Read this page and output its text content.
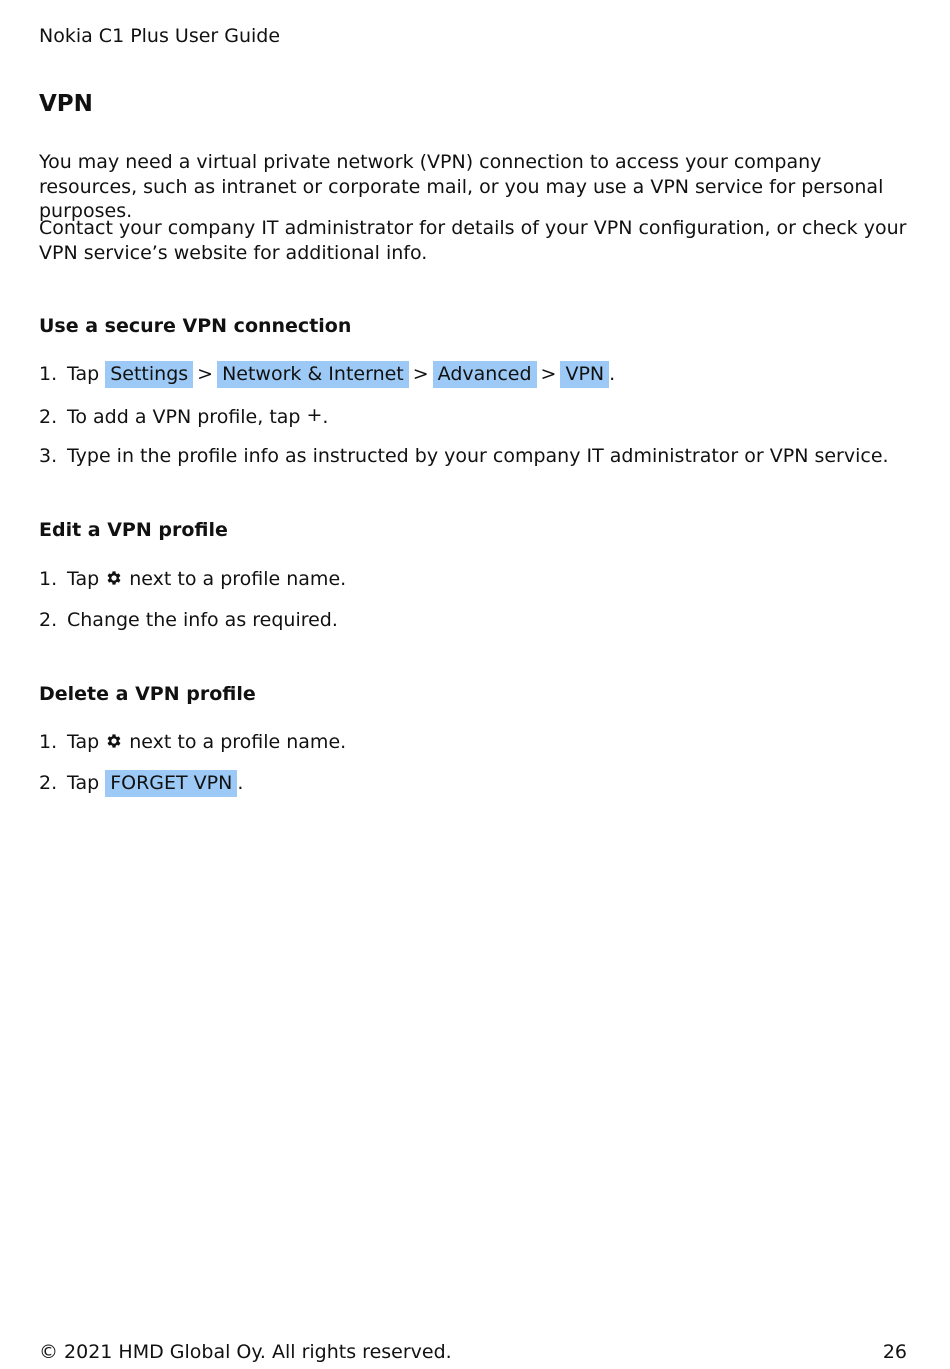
Nokia C1 Plus User Guide
VPN

You may need a virtual private network (VPN) connection to access your company resources, such as intranet or corporate mail, or you may use a VPN service for personal purposes.

Contact your company IT administrator for details of your VPN configuration, or check your VPN service’s website for additional info.

Use a secure VPN connection
1. Tap Settings > Network & Internet > Advanced > VPN .
2. To add a VPN profile, tap +.
3. Type in the profile info as instructed by your company IT administrator or VPN service.
Edit a VPN profile
1. Tap next to a profile name.
2. Change the info as required.
Delete a VPN profile
1. Tap next to a profile name.
2. Tap FORGET VPN .
© 2021 HMD Global Oy. All rights reserved.	26
